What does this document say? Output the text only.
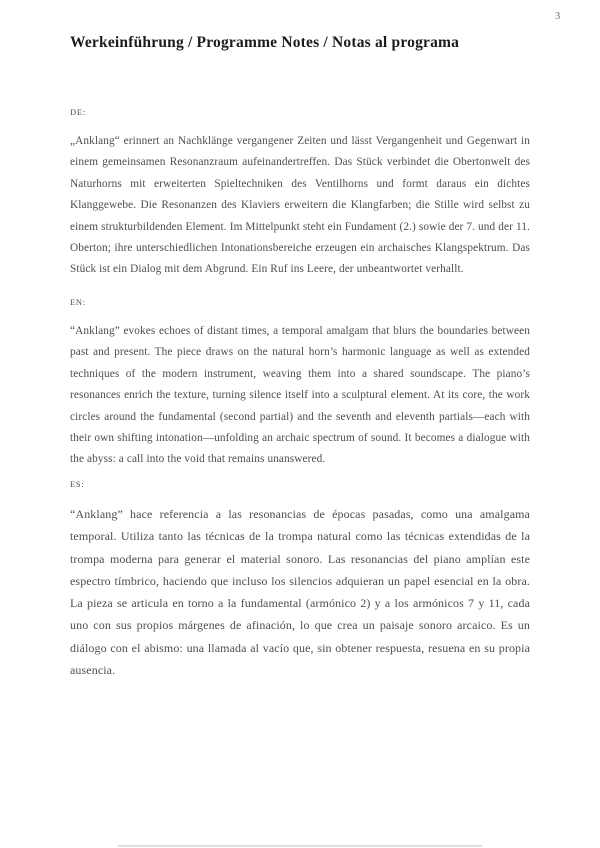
3
Werkeinführung / Programme Notes / Notas al programa
DE:

„Anklang“ erinnert an Nachklänge vergangener Zeiten und lässt Vergangenheit und Gegenwart in einem gemeinsamen Resonanzraum aufeinandertreffen. Das Stück verbindet die Obertonwelt des Naturhorns mit erweiterten Spieltechniken des Ventilhorns und formt daraus ein dichtes Klanggewebe. Die Resonanzen des Klaviers erweitern die Klangfarben; die Stille wird selbst zu einem strukturbildenden Element. Im Mittelpunkt steht ein Fundament (2.) sowie der 7. und der 11. Oberton; ihre unterschiedlichen Intonationsbereiche erzeugen ein archaisches Klangspektrum. Das Stück ist ein Dialog mit dem Abgrund. Ein Ruf ins Leere, der unbeantwortet verhallt.

EN:

“Anklang” evokes echoes of distant times, a temporal amalgam that blurs the boundaries between past and present. The piece draws on the natural horn’s harmonic language as well as extended techniques of the modern instrument, weaving them into a shared soundscape. The piano’s resonances enrich the texture, turning silence itself into a sculptural element. At its core, the work circles around the fundamental (second partial) and the seventh and eleventh partials—each with their own shifting intonation—unfolding an archaic spectrum of sound. It becomes a dialogue with the abyss: a call into the void that remains unanswered.

ES:

“Anklang” hace referencia a las resonancias de épocas pasadas, como una amalgama temporal. Utiliza tanto las técnicas de la trompa natural como las técnicas extendidas de la trompa moderna para generar el material sonoro. Las resonancias del piano amplían este espectro tímbrico, haciendo que incluso los silencios adquieran un papel esencial en la obra. La pieza se articula en torno a la fundamental (armónico 2) y a los armónicos 7 y 11, cada uno con sus propios márgenes de afinación, lo que crea un paisaje sonoro arcaico. Es un diálogo con el abismo: una llamada al vacío que, sin obtener respuesta, resuena en su propia ausencia.
